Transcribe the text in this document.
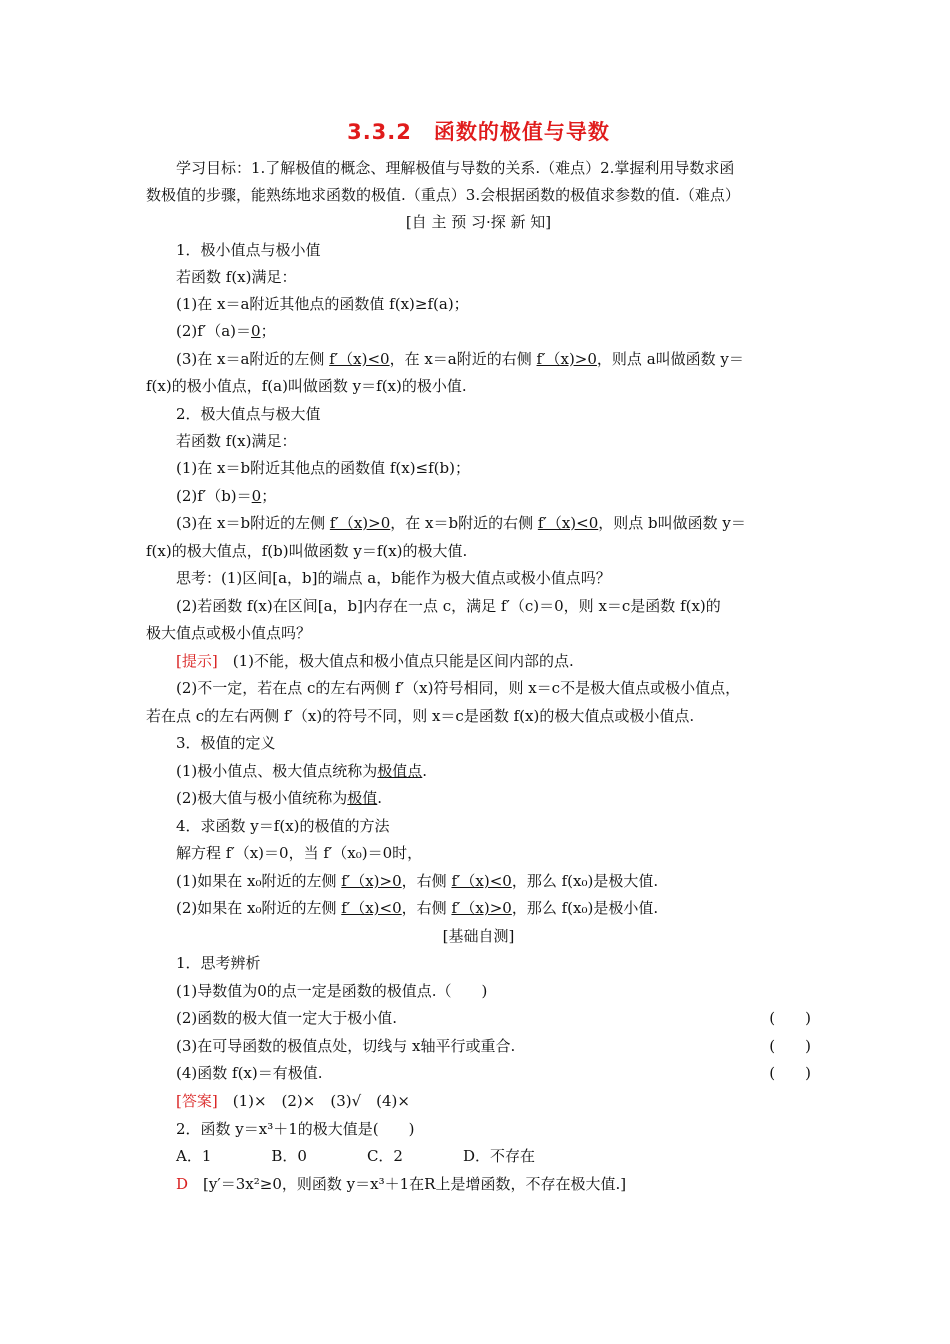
3.3.2　函数的极值与导数
学习目标：1.了解极值的概念、理解极值与导数的关系.（难点）2.掌握利用导数求函
数极值的步骤，能熟练地求函数的极值.（重点）3.会根据函数的极值求参数的值.（难点）
[自 主 预 习·探 新 知]
1．极小值点与极小值
若函数 f(x)满足：
(1)在 x＝a附近其他点的函数值 f(x)≥f(a)；
(2)f′（a)＝0；
(3)在 x＝a附近的左侧 f′（x)<0，在 x＝a附近的右侧 f′（x)>0，则点 a叫做函数 y＝
f(x)的极小值点，f(a)叫做函数 y＝f(x)的极小值.
2．极大值点与极大值
若函数 f(x)满足：
(1)在 x＝b附近其他点的函数值 f(x)≤f(b)；
(2)f′（b)＝0；
(3)在 x＝b附近的左侧 f′（x)>0，在 x＝b附近的右侧 f′（x)<0，则点 b叫做函数 y＝
f(x)的极大值点，f(b)叫做函数 y＝f(x)的极大值.
思考：(1)区间[a，b]的端点 a，b能作为极大值点或极小值点吗？
(2)若函数 f(x)在区间[a，b]内存在一点 c，满足 f′（c)＝0，则 x＝c是函数 f(x)的
极大值点或极小值点吗？
[提示]　(1)不能，极大值点和极小值点只能是区间内部的点.
(2)不一定，若在点 c的左右两侧 f′（x)符号相同，则 x＝c不是极大值点或极小值点，
若在点 c的左右两侧 f′（x)的符号不同，则 x＝c是函数 f(x)的极大值点或极小值点.
3．极值的定义
(1)极小值点、极大值点统称为极值点.
(2)极大值与极小值统称为极值.
4．求函数 y＝f(x)的极值的方法
解方程 f′（x)＝0，当 f′（x₀)＝0时，
(1)如果在 x₀附近的左侧 f′（x)>0，右侧 f′（x)<0，那么 f(x₀)是极大值.
(2)如果在 x₀附近的左侧 f′（x)<0，右侧 f′（x)>0，那么 f(x₀)是极小值.
[基础自测]
1．思考辨析
(1)导数值为0的点一定是函数的极值点.（　　)
(2)函数的极大值一定大于极小值.	(　　)
(3)在可导函数的极值点处，切线与 x轴平行或重合.	(　　)
(4)函数 f(x)＝有极值.	(　　)
[答案]　(1)×　(2)×　(3)√　(4)×
2．函数 y＝x³＋1的极大值是(　　)
A．1　　　　B．0　　　　C．2　　　　D．不存在
D　[y′＝3x²≥0，则函数 y＝x³＋1在R上是增函数，不存在极大值.]
